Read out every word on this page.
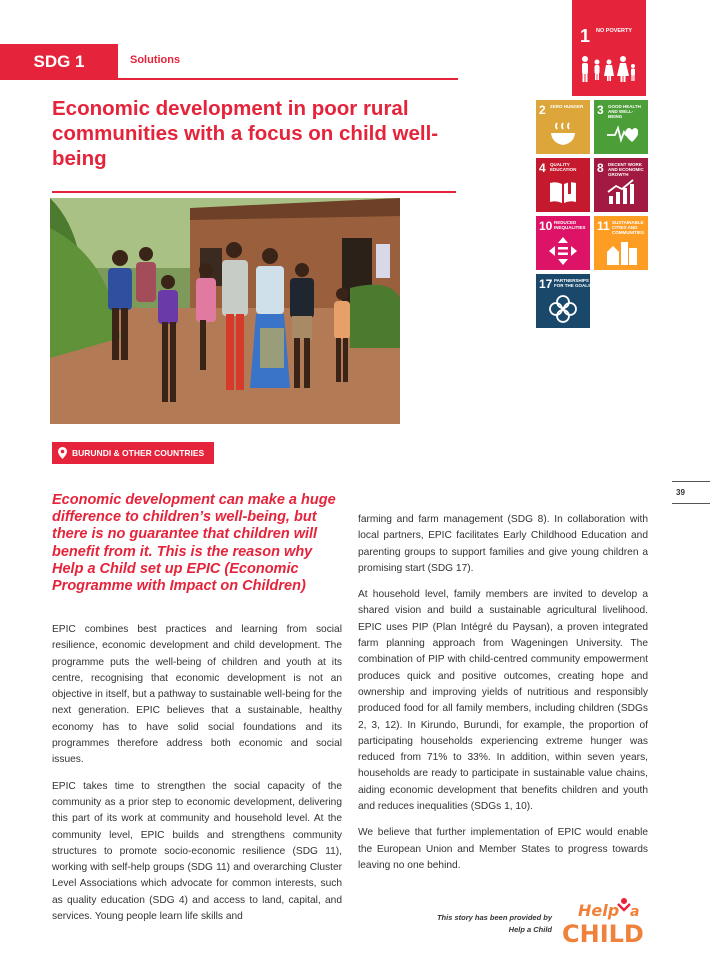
SDG 1	Solutions
Economic development in poor rural communities with a focus on child well-being
1 NO POVERTY
2 ZERO HUNGER	3 GOOD HEALTH AND WELL-BEING
4 QUALITY EDUCATION	8 DECENT WORK AND ECONOMIC GROWTH
10 REDUCED INEQUALITIES 11 SUSTAINABLE CITIES AND COMMUNITIES
17 PARTNERSHIPS FOR THE GOALS
BURUNDI & OTHER COUNTRIES
39
Economic development can make a huge difference to children’s well-being, but there is no guarantee that children will benefit from it. This is the reason why Help a Child set up EPIC (Economic Programme with Impact on Children)

EPIC combines best practices and learning from social resilience, economic development and child development. The programme puts the well-being of children and youth at its centre, recognising that economic development is not an objective in itself, but a pathway to sustainable well-being for the next generation. EPIC believes that a sustainable, healthy economy has to have solid social foundations and its programmes therefore address both economic and social issues.

EPIC takes time to strengthen the social capacity of the community as a prior step to economic development, delivering this part of its work at community and household level. At the community level, EPIC builds and strengthens community structures to promote socio-economic resilience (SDG 11), working with self-help groups (SDG 11) and overarching Cluster Level Associations which advocate for common interests, such as quality education (SDG 4) and access to land, capital, and services. Young people learn life skills and

farming and farm management (SDG 8). In collaboration with local partners, EPIC facilitates Early Childhood Education and parenting groups to support families and give young children a promising start (SDG 17).

At household level, family members are invited to develop a shared vision and build a sustainable agricultural livelihood. EPIC uses PIP (Plan Intégré du Paysan), a proven integrated farm planning approach from Wageningen University. The combination of PIP with child-centred community empowerment produces quick and positive outcomes, creating hope and ownership and improving yields of nutritious and responsibly produced food for all family members, including children (SDGs 2, 3, 12). In Kirundo, Burundi, for example, the proportion of participating households experiencing extreme hunger was reduced from 71% to 33%. In addition, within seven years, households are ready to participate in sustainable value chains, aiding economic development that benefits children and youth and reduces inequalities (SDGs 1, 10).

We believe that further implementation of EPIC would enable the European Union and Member States to progress towards leaving no one behind.

This story has been provided by
Help a Child
Help a
CHILD
